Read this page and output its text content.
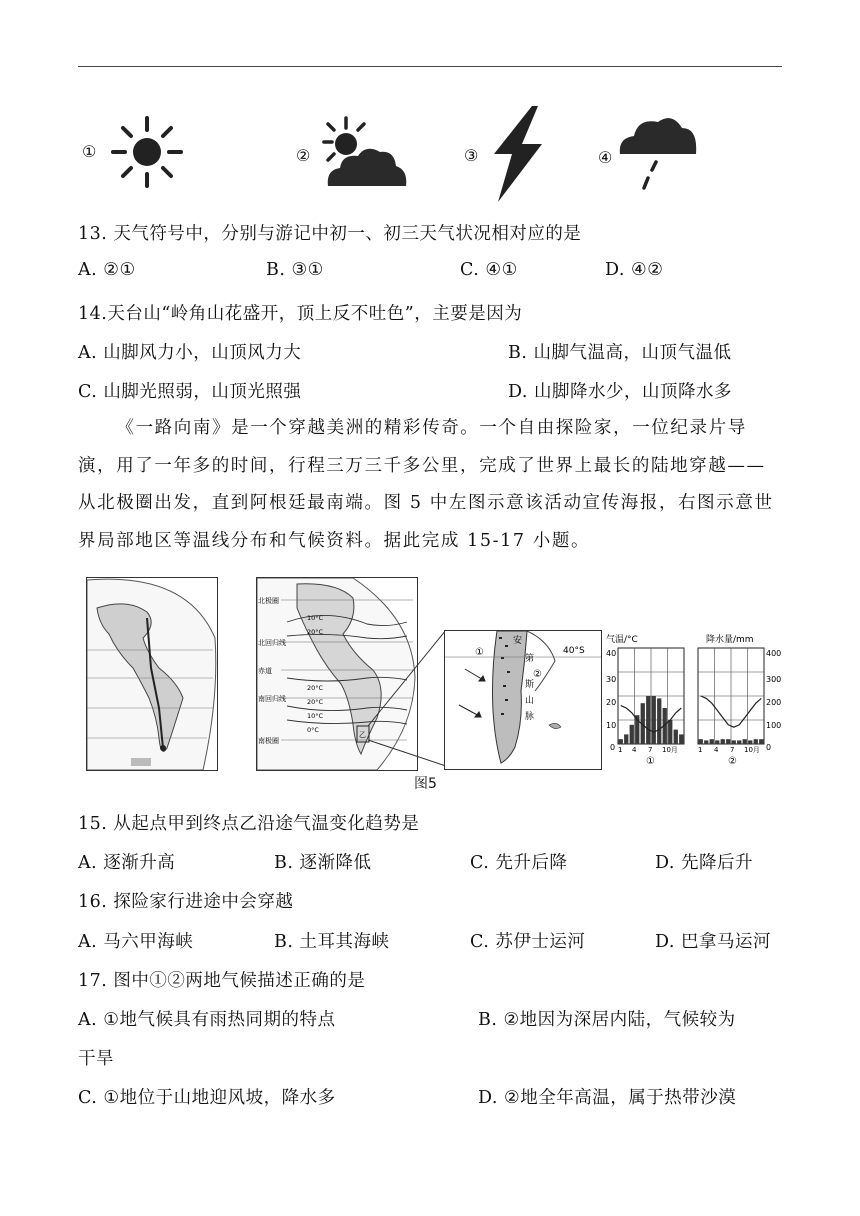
①	②	③	④
13. 天气符号中，分别与游记中初一、初三天气状况相对应的是
A. ②①	B. ③①	C. ④①	D. ④②
14.天台山“岭角山花盛开，顶上反不吐色”，主要是因为
A. 山脚风力小，山顶风力大	B. 山脚气温高，山顶气温低
C. 山脚光照弱，山顶光照强	D. 山脚降水少，山顶降水多
《一路向南》是一个穿越美洲的精彩传奇。一个自由探险家，一位纪录片导演，用了一年多的时间，行程三万三千多公里，完成了世界上最长的陆地穿越——从北极圈出发，直到阿根廷最南端。图 5 中左图示意该活动宣传海报，右图示意世界局部地区等温线分布和气候资料。据此完成 15-17 小题。
北极圈
北回归线
赤道
南回归线
南极圈
10°C
20°C
20°C
20°C
10°C
0°C
乙
40°S
安
第
斯
山
脉
①
②
气温/°C
40
30
20
10
0 1 4 7 10月
①
降水量/mm
400
300
200
100
0
1 4 7 10月
②
图5
15. 从起点甲到终点乙沿途气温变化趋势是
A. 逐渐升高	B. 逐渐降低	C. 先升后降	D. 先降后升
16. 探险家行进途中会穿越
A. 马六甲海峡	B. 土耳其海峡	C. 苏伊士运河	D. 巴拿马运河
17. 图中①②两地气候描述正确的是
A. ①地气候具有雨热同期的特点	B. ②地因为深居内陆，气候较为
干旱
C. ①地位于山地迎风坡，降水多	D. ②地全年高温，属于热带沙漠
